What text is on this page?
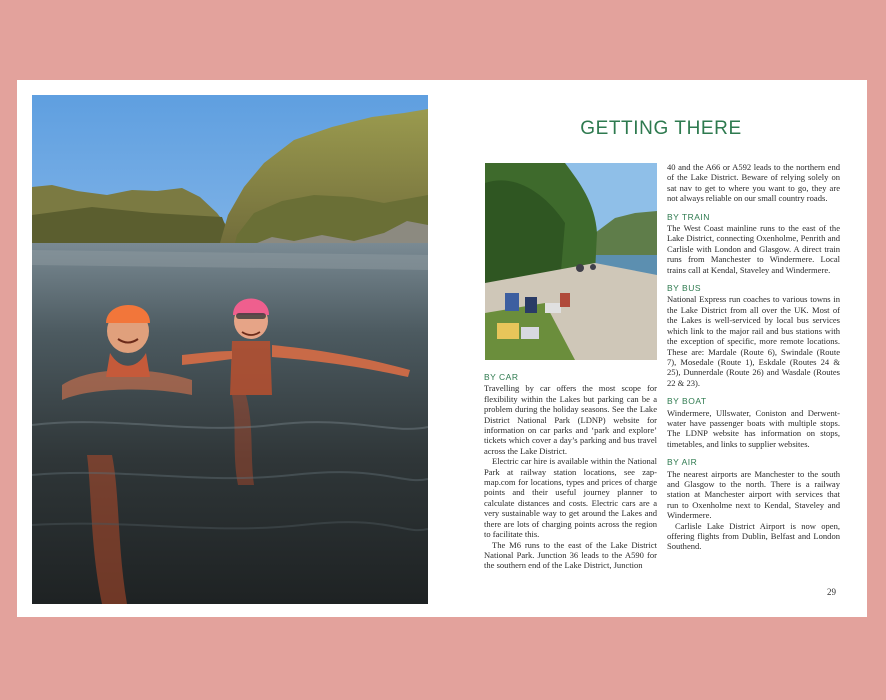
GETTING THERE
BY CAR

Travelling by car offers the most scope for flexibility within the Lakes but parking can be a problem during the holiday seasons. See the Lake District National Park (LDNP) website for information on car parks and ‘park and explore’ tickets which cover a day’s parking and bus travel across the Lake District.

Electric car hire is available within the National Park at railway station locations, see zap-map.com for locations, types and prices of charge points and their useful journey planner to calculate distances and costs. Electric cars are a very sustainable way to get around the Lakes and there are lots of charging points across the region to facilitate this.

The M6 runs to the east of the Lake District National Park. Junction 36 leads to the A590 for the southern end of the Lake District, Junction

40 and the A66 or A592 leads to the northern end of the Lake District. Beware of relying solely on sat nav to get to where you want to go, they are not always reliable on our small country roads.

BY TRAIN

The West Coast mainline runs to the east of the Lake District, connecting Oxenholme, Penrith and Carlisle with London and Glasgow. A direct train runs from Manchester to Windermere. Local trains call at Kendal, Staveley and Windermere.

BY BUS

National Express run coaches to various towns in the Lake District from all over the UK. Most of the Lakes is well-serviced by local bus services which link to the major rail and bus stations with the exception of specific, more remote locations. These are: Mardale (Route 6), Swindale (Route 7), Mosedale (Route 1), Eskdale (Routes 24 & 25), Dunnerdale (Route 26) and Wasdale (Routes 22 & 23).

BY BOAT

Windermere, Ullswater, Coniston and Derwent-water have passenger boats with multiple stops. The LDNP website has information on stops, timetables, and links to supplier websites.

BY AIR

The nearest airports are Manchester to the south and Glasgow to the north. There is a railway station at Manchester airport with services that run to Oxenholme next to Kendal, Staveley and Windermere.

Carlisle Lake District Airport is now open, offering flights from Dublin, Belfast and London Southend.

29
